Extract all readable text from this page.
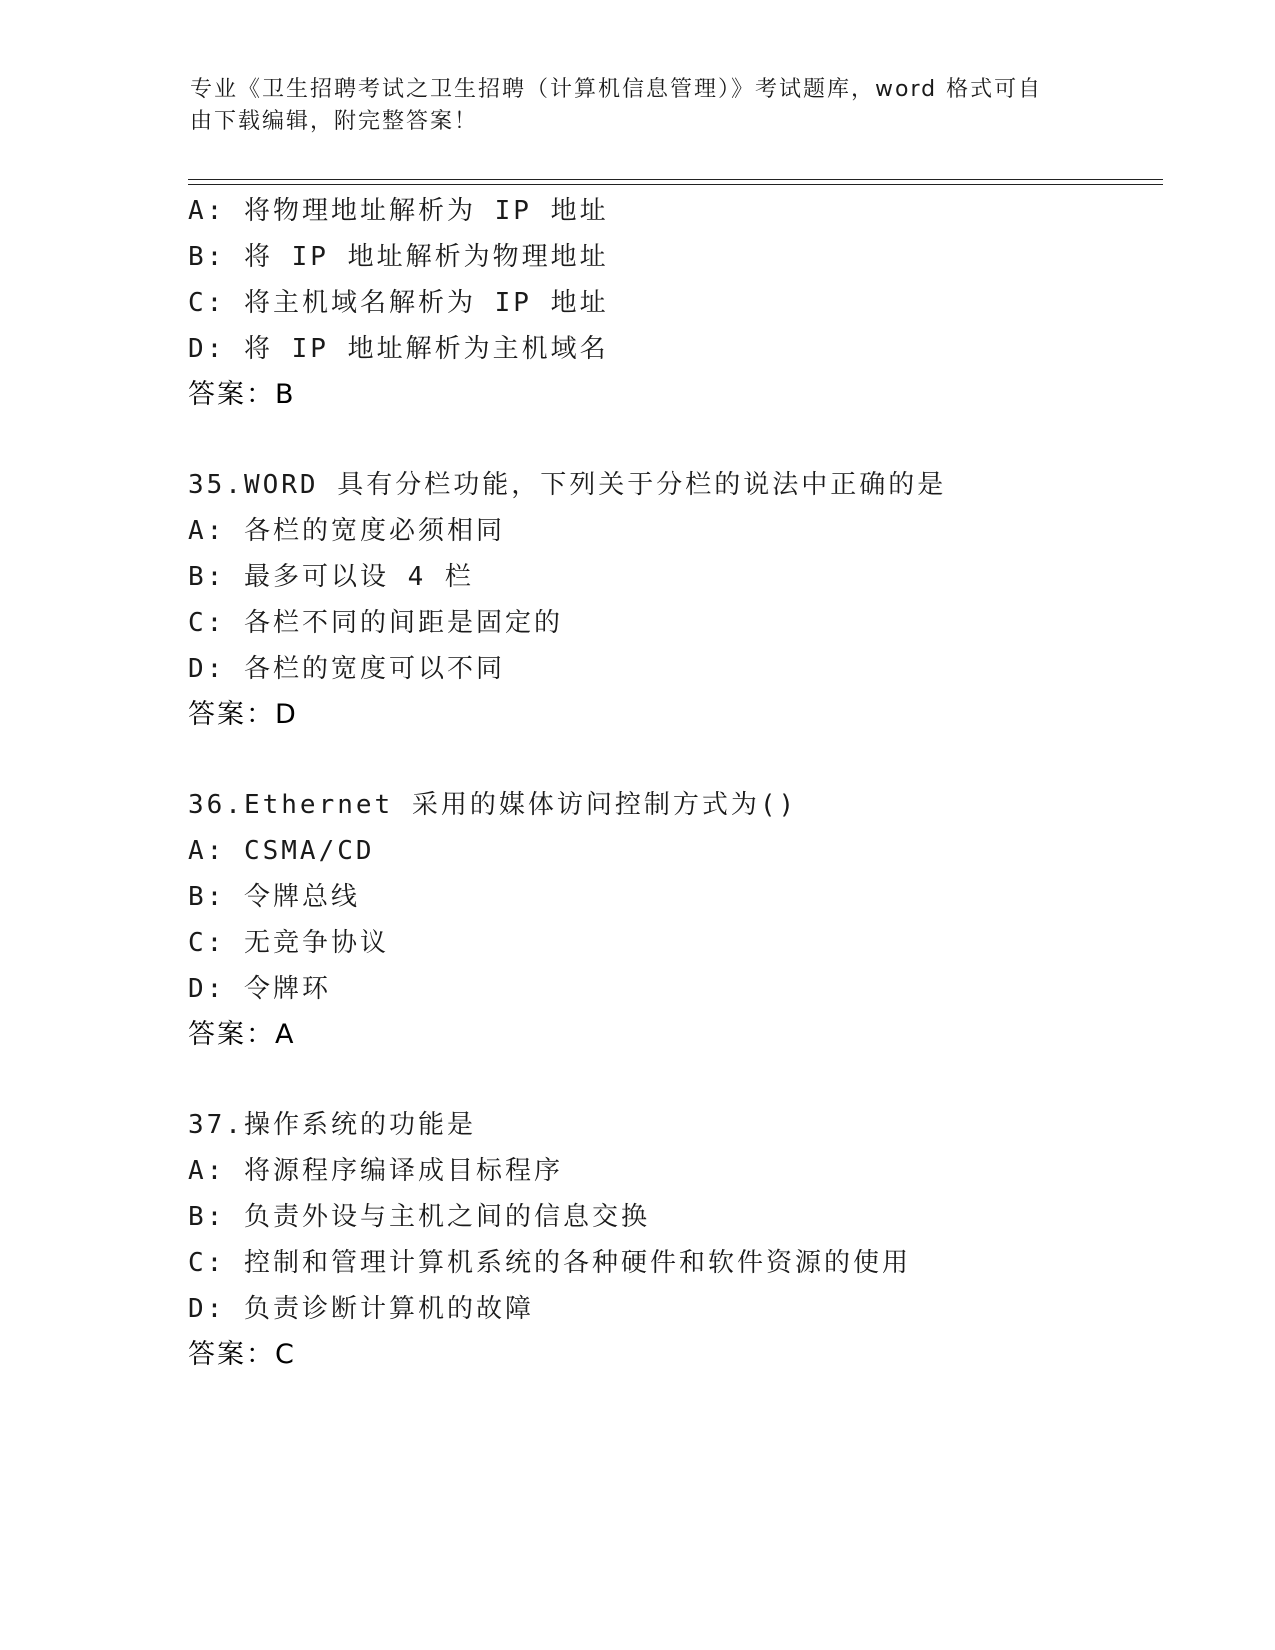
专业《卫生招聘考试之卫生招聘（计算机信息管理）》考试题库，word 格式可自
由下载编辑，附完整答案！
A: 将物理地址解析为 IP 地址
B: 将 IP 地址解析为物理地址
C: 将主机域名解析为 IP 地址
D: 将 IP 地址解析为主机域名
答案：B
35.WORD 具有分栏功能，下列关于分栏的说法中正确的是
A: 各栏的宽度必须相同
B: 最多可以设 4 栏
C: 各栏不同的间距是固定的
D: 各栏的宽度可以不同
答案：D
36.Ethernet 采用的媒体访问控制方式为()
A: CSMA/CD
B: 令牌总线
C: 无竞争协议
D: 令牌环
答案：A
37.操作系统的功能是
A: 将源程序编译成目标程序
B: 负责外设与主机之间的信息交换
C: 控制和管理计算机系统的各种硬件和软件资源的使用
D: 负责诊断计算机的故障
答案：C
